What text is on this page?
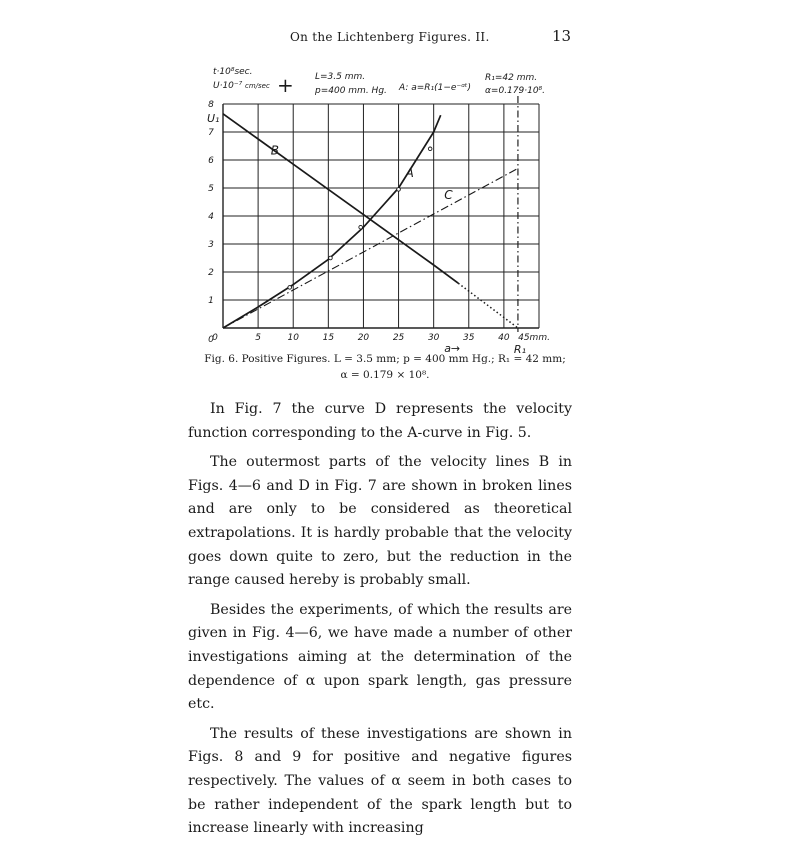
On the Lichtenberg Figures. II.	13
0	5	10	15	20	25	30	35	40
1
2
3
4
5
6
7
8
0
B
A
C
U₁
45mm.
a→	R₁
t·10⁸sec.
U·10⁻⁷ cm/sec + L=3.5 mm.
p=400 mm. Hg. A: a=R₁(1−e⁻ᵅᵗ)
R₁=42 mm.
α=0.179·10⁸.
Fig. 6. Positive Figures. L = 3.5 mm; p = 400 mm Hg.; R₁ = 42 mm;
α = 0.179 × 10⁸.

In Fig. 7 the curve D represents the velocity function corresponding to the A-curve in Fig. 5.

The outermost parts of the velocity lines B in Figs. 4—6 and D in Fig. 7 are shown in broken lines and are only to be considered as theoretical extrapolations. It is hardly probable that the velocity goes down quite to zero, but the reduction in the range caused hereby is probably small.

Besides the experiments, of which the results are given in Fig. 4—6, we have made a number of other investigations aiming at the determination of the dependence of α upon spark length, gas pressure etc.

The results of these investigations are shown in Figs. 8 and 9 for positive and negative figures respectively. The values of α seem in both cases to be rather independent of the spark length but to increase linearly with increasing
